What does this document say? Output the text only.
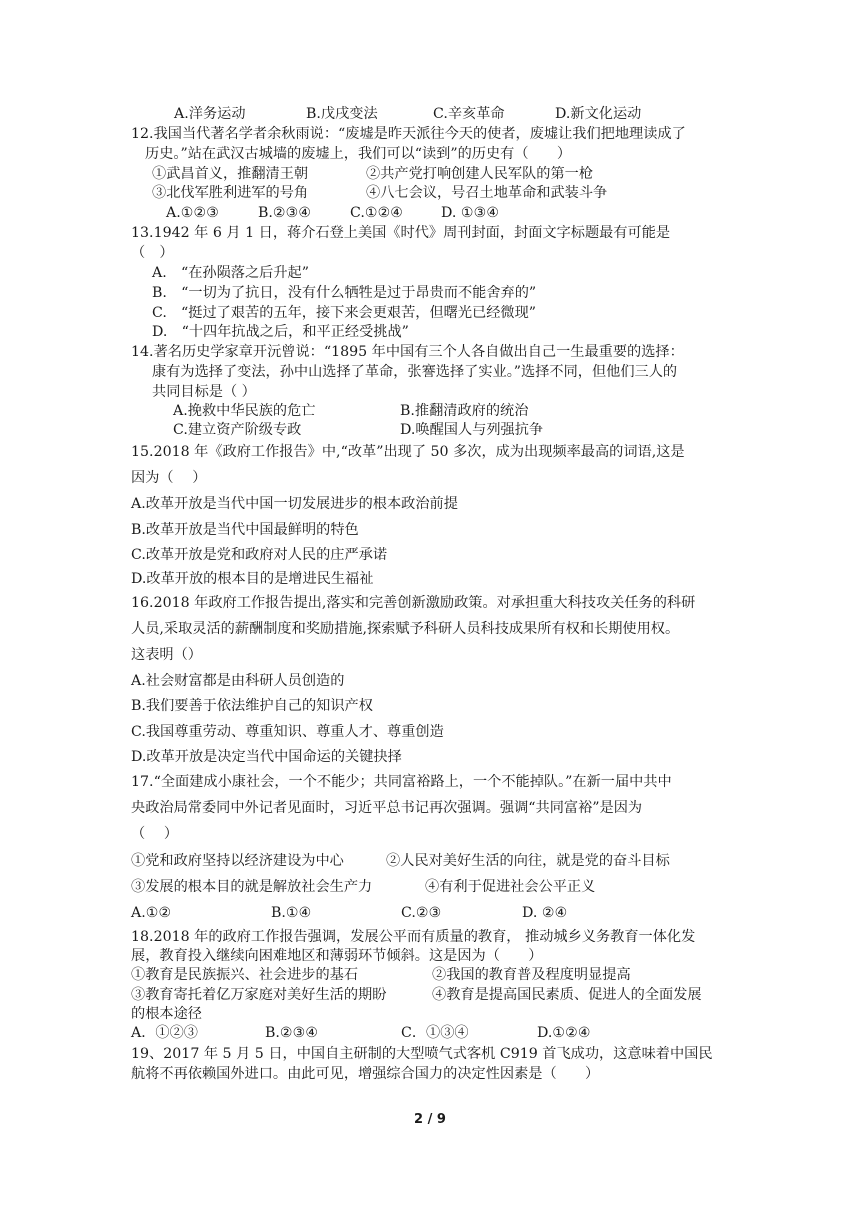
A.洋务运动	B.戊戌变法	C.辛亥革命	D.新文化运动
12.我国当代著名学者余秋雨说：“废墟是昨天派往今天的使者，废墟让我们把地理读成了
历史。”站在武汉古城墙的废墟上，我们可以“读到”的历史有（　　）
①武昌首义，推翻清王朝	②共产党打响创建人民军队的第一枪
③北伐军胜利进军的号角	④八七会议，号召土地革命和武装斗争
A.①②③	B.②③④	C.①②④	D. ①③④
13.1942 年 6 月 1 日，蒋介石登上美国《时代》周刊封面，封面文字标题最有可能是
（　）
A.　“在孙陨落之后升起”
B.　“一切为了抗日，没有什么牺牲是过于昂贵而不能舍弃的”
C.　“挺过了艰苦的五年，接下来会更艰苦，但曙光已经微现”
D.　“十四年抗战之后，和平正经受挑战”
14.著名历史学家章开沅曾说：“1895 年中国有三个人各自做出自己一生最重要的选择：
康有为选择了变法，孙中山选择了革命，张謇选择了实业。”选择不同，但他们三人的
共同目标是（ ）
A.挽救中华民族的危亡	B.推翻清政府的统治
C.建立资产阶级专政	D.唤醒国人与列强抗争
15.2018 年《政府工作报告》中,“改革”出现了 50 多次，成为出现频率最高的词语,这是
因为（　 ）
A.改革开放是当代中国一切发展进步的根本政治前提
B.改革开放是当代中国最鲜明的特色
C.改革开放是党和政府对人民的庄严承诺
D.改革开放的根本目的是增进民生福祉
16.2018 年政府工作报告提出,落实和完善创新激励政策。对承担重大科技攻关任务的科研
人员,采取灵活的薪酬制度和奖励措施,探索赋予科研人员科技成果所有权和长期使用权。
这表明（）
A.社会财富都是由科研人员创造的
B.我们要善于依法维护自己的知识产权
C.我国尊重劳动、尊重知识、尊重人才、尊重创造
D.改革开放是决定当代中国命运的关键抉择
17.“全面建成小康社会，一个不能少；共同富裕路上，一个不能掉队。”在新一届中共中
央政治局常委同中外记者见面时，习近平总书记再次强调。强调“共同富裕”是因为
（　 ）
①党和政府坚持以经济建设为中心	②人民对美好生活的向往，就是党的奋斗目标
③发展的根本目的就是解放社会生产力	④有利于促进社会公平正义
A.①②	B.①④	C.②③	D. ②④
18.2018 年的政府工作报告强调，发展公平而有质量的教育， 推动城乡义务教育一体化发
展，教育投入继续向困难地区和薄弱环节倾斜。这是因为（　　）
①教育是民族振兴、社会进步的基石	②我国的教育普及程度明显提高
③教育寄托着亿万家庭对美好生活的期盼	④教育是提高国民素质、促进人的全面发展
的根本途径
A．①②③	B.②③④	C．①③④	D.①②④
19、2017 年 5 月 5 日，中国自主研制的大型喷气式客机 C919 首飞成功，这意味着中国民
航将不再依赖国外进口。由此可见，增强综合国力的决定性因素是（　　）
2 / 9
